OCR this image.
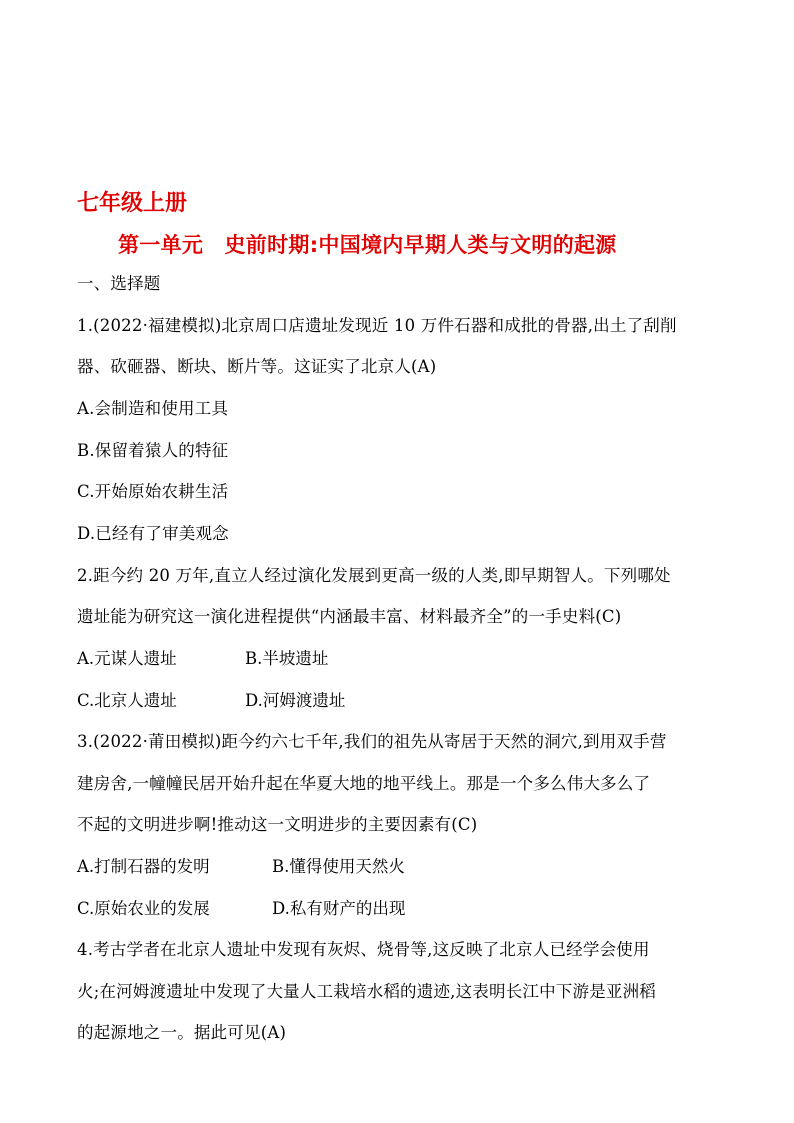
七年级上册
第一单元　史前时期:中国境内早期人类与文明的起源
一、选择题
1.(2022·福建模拟)北京周口店遗址发现近 10 万件石器和成批的骨器,出土了刮削
器、砍砸器、断块、断片等。这证实了北京人(A)
A.会制造和使用工具
B.保留着猿人的特征
C.开始原始农耕生活
D.已经有了审美观念
2.距今约 20 万年,直立人经过演化发展到更高一级的人类,即早期智人。下列哪处
遗址能为研究这一演化进程提供“内涵最丰富、材料最齐全”的一手史料(C)
A.元谋人遗址	B.半坡遗址
C.北京人遗址	D.河姆渡遗址
3.(2022·莆田模拟)距今约六七千年,我们的祖先从寄居于天然的洞穴,到用双手营
建房舍,一幢幢民居开始升起在华夏大地的地平线上。那是一个多么伟大多么了
不起的文明进步啊!推动这一文明进步的主要因素有(C)
A.打制石器的发明	B.懂得使用天然火
C.原始农业的发展	D.私有财产的出现
4.考古学者在北京人遗址中发现有灰烬、烧骨等,这反映了北京人已经学会使用
火;在河姆渡遗址中发现了大量人工栽培水稻的遗迹,这表明长江中下游是亚洲稻
的起源地之一。据此可见(A)
